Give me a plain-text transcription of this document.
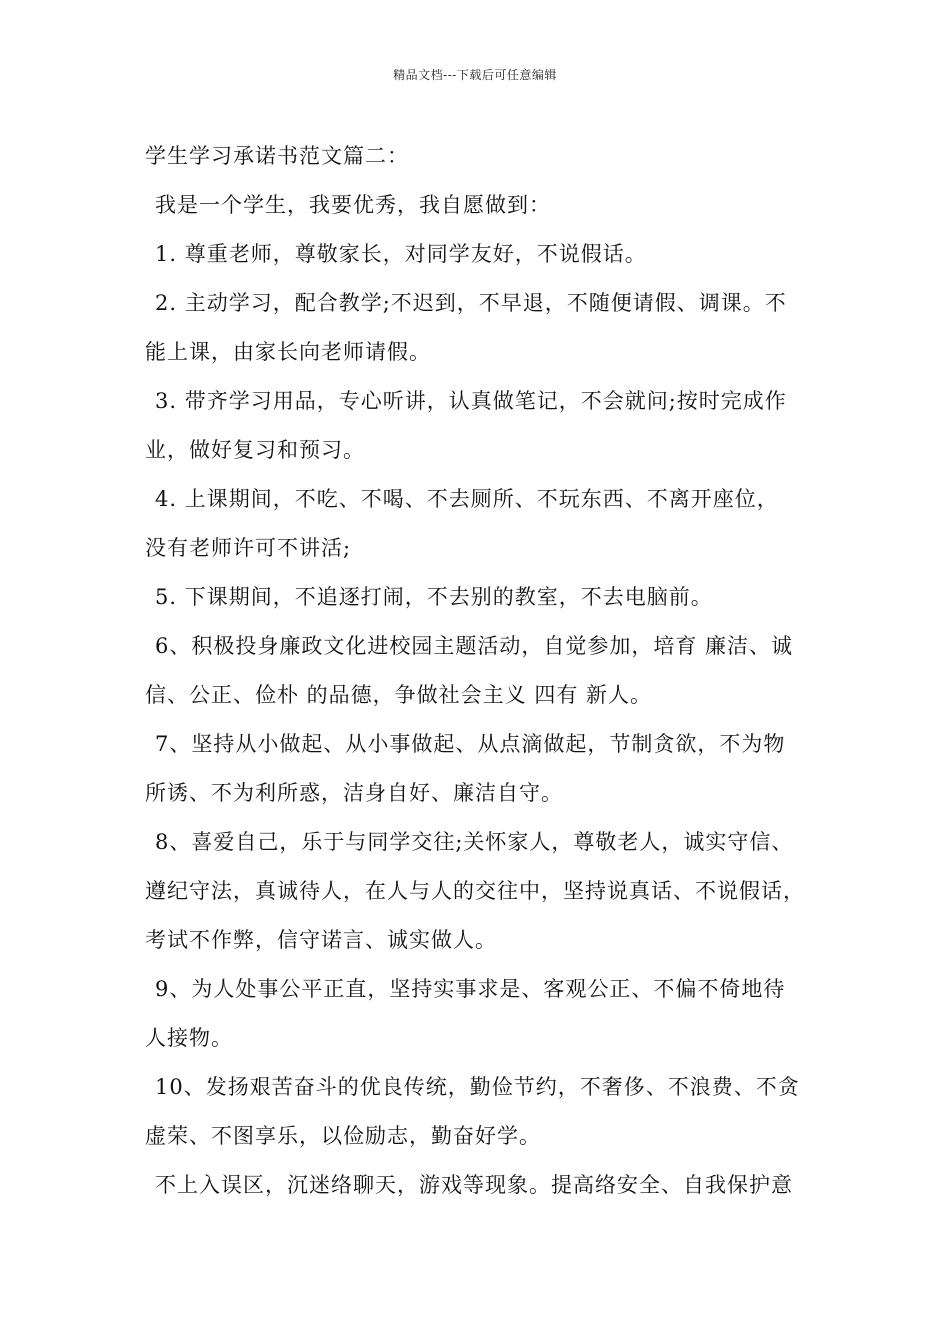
精品文档---下载后可任意编辑
学生学习承诺书范文篇二：
我是一个学生，我要优秀，我自愿做到：
1. 尊重老师，尊敬家长，对同学友好，不说假话。
2. 主动学习，配合教学;不迟到，不早退，不随便请假、调课。不
能上课，由家长向老师请假。
3. 带齐学习用品，专心听讲，认真做笔记，不会就问;按时完成作
业，做好复习和预习。
4. 上课期间，不吃、不喝、不去厕所、不玩东西、不离开座位，
没有老师许可不讲活;
5. 下课期间，不追逐打闹，不去别的教室，不去电脑前。
6、积极投身廉政文化进校园主题活动，自觉参加，培育 廉洁、诚
信、公正、俭朴 的品德，争做社会主义 四有 新人。
7、坚持从小做起、从小事做起、从点滴做起，节制贪欲，不为物
所诱、不为利所惑，洁身自好、廉洁自守。
8、喜爱自己，乐于与同学交往;关怀家人，尊敬老人，诚实守信、
遵纪守法，真诚待人，在人与人的交往中，坚持说真话、不说假话，
考试不作弊，信守诺言、诚实做人。
9、为人处事公平正直，坚持实事求是、客观公正、不偏不倚地待
人接物。
10、发扬艰苦奋斗的优良传统，勤俭节约，不奢侈、不浪费、不贪
虚荣、不图享乐，以俭励志，勤奋好学。
不上入误区，沉迷络聊天，游戏等现象。提高络安全、自我保护意
